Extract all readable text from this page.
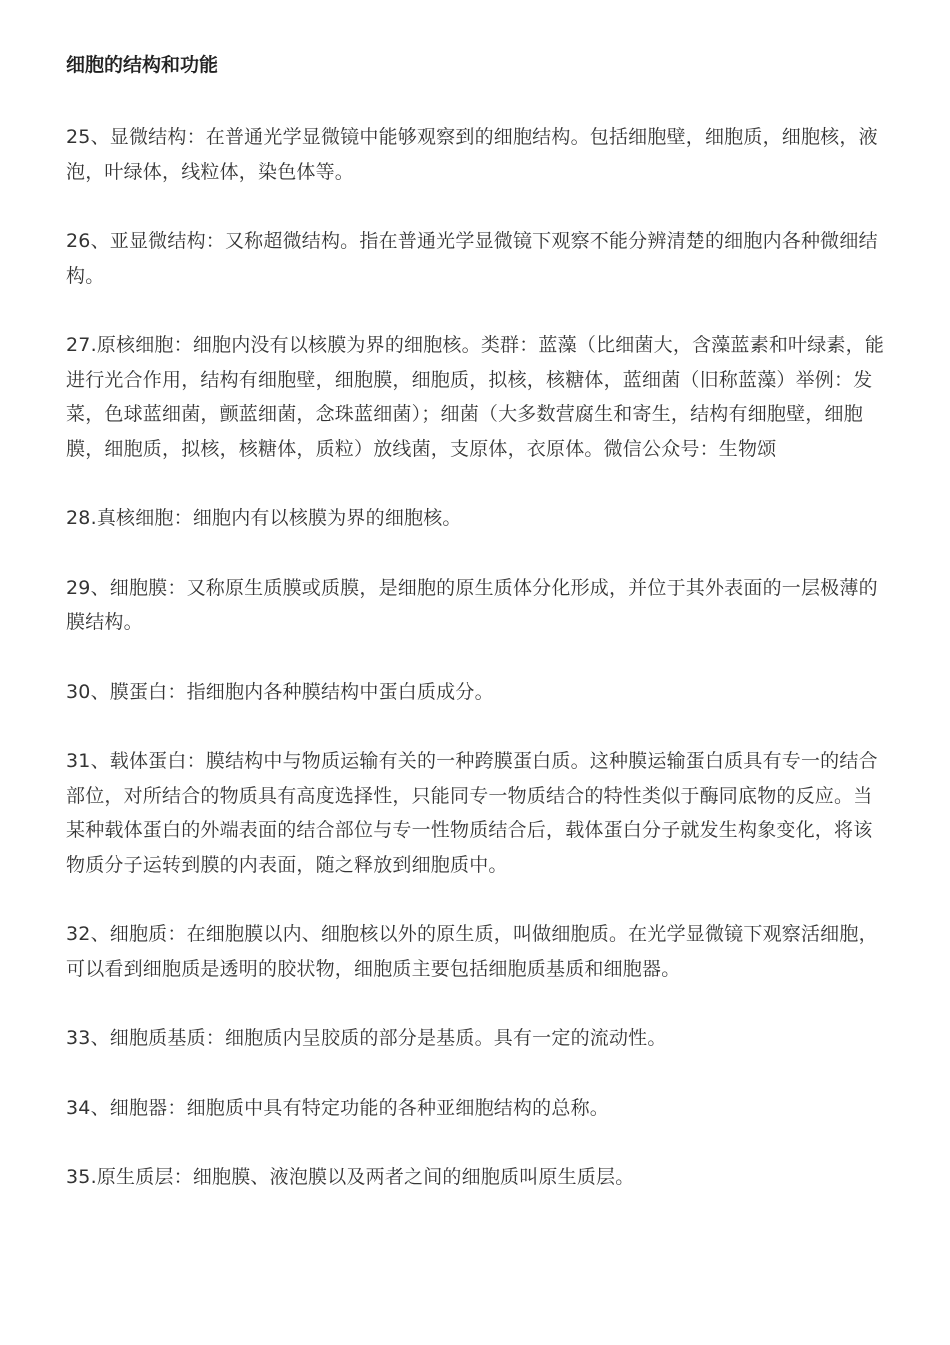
细胞的结构和功能

25、显微结构：在普通光学显微镜中能够观察到的细胞结构。包括细胞壁，细胞质，细胞核，液泡，叶绿体，线粒体，染色体等。

26、亚显微结构：又称超微结构。指在普通光学显微镜下观察不能分辨清楚的细胞内各种微细结构。

27.原核细胞：细胞内没有以核膜为界的细胞核。类群：蓝藻（比细菌大，含藻蓝素和叶绿素，能进行光合作用，结构有细胞壁，细胞膜，细胞质，拟核，核糖体，蓝细菌（旧称蓝藻）举例：发菜，色球蓝细菌，颤蓝细菌，念珠蓝细菌）；细菌（大多数营腐生和寄生，结构有细胞壁，细胞膜，细胞质，拟核，核糖体，质粒）放线菌，支原体，衣原体。微信公众号：生物颂

28.真核细胞：细胞内有以核膜为界的细胞核。

29、细胞膜：又称原生质膜或质膜，是细胞的原生质体分化形成，并位于其外表面的一层极薄的膜结构。

30、膜蛋白：指细胞内各种膜结构中蛋白质成分。

31、载体蛋白：膜结构中与物质运输有关的一种跨膜蛋白质。这种膜运输蛋白质具有专一的结合部位，对所结合的物质具有高度选择性，只能同专一物质结合的特性类似于酶同底物的反应。当某种载体蛋白的外端表面的结合部位与专一性物质结合后，载体蛋白分子就发生构象变化，将该物质分子运转到膜的内表面，随之释放到细胞质中。

32、细胞质：在细胞膜以内、细胞核以外的原生质，叫做细胞质。在光学显微镜下观察活细胞，可以看到细胞质是透明的胶状物，细胞质主要包括细胞质基质和细胞器。

33、细胞质基质：细胞质内呈胶质的部分是基质。具有一定的流动性。

34、细胞器：细胞质中具有特定功能的各种亚细胞结构的总称。

35.原生质层：细胞膜、液泡膜以及两者之间的细胞质叫原生质层。
